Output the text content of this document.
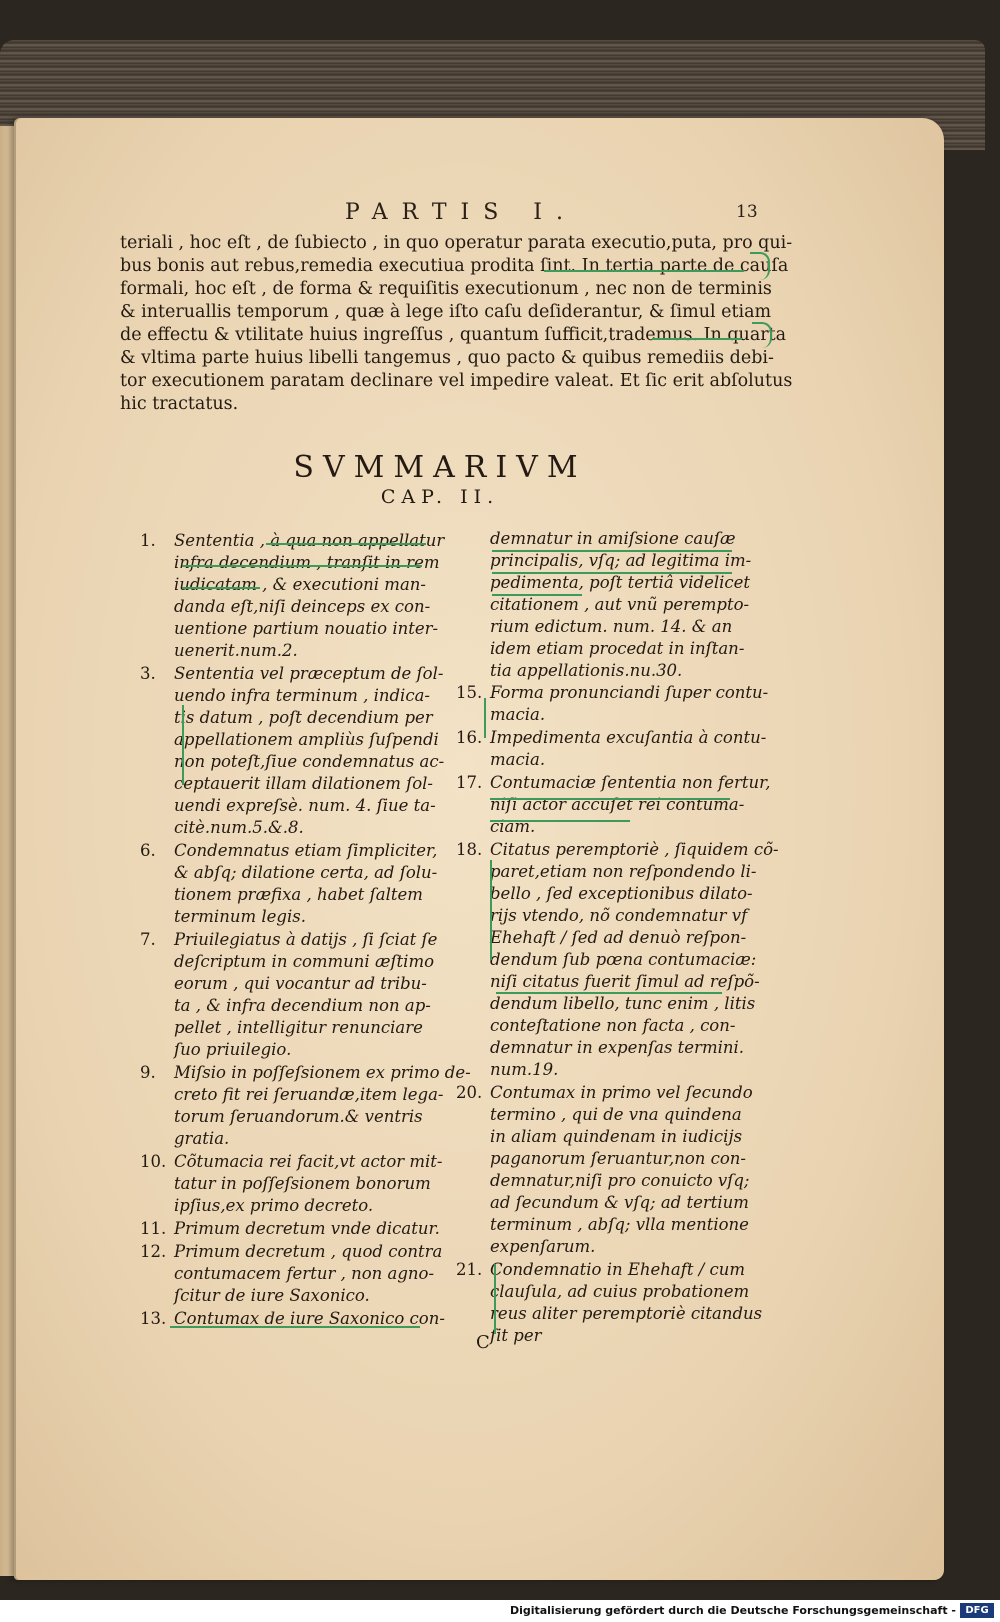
PARTIS I.	13
teriali , hoc eſt , de ſubiecto , in quo operatur parata executio,puta, pro qui-
bus bonis aut rebus,remedia executiua prodita ſint. In tertia parte de cauſa
formali, hoc eſt , de forma & requiſitis executionum , nec non de terminis
& interuallis temporum , quæ à lege iſto caſu deſiderantur, & ſimul etiam
de effectu & vtilitate huius ingreſſus , quantum ſufficit,trademus. In quarta
& vltima parte huius libelli tangemus , quo pacto & quibus remediis debi-
tor executionem paratam declinare vel impedire valeat. Et ſic erit abſolutus
hic tractatus.
SVMMARIVM
CAP. II.
1. Sententia , à qua non appellatur
infra decendium , tranſit in rem
iudicatam , & executioni man-
danda eſt,niſi deinceps ex con-
uentione partium nouatio inter-
uenerit.num.2.
3. Sententia vel præceptum de ſol-
uendo infra terminum , indica-
tis datum , poſt decendium per
appellationem ampliùs ſuſpendi
non poteſt,ſiue condemnatus ac-
ceptauerit illam dilationem ſol-
uendi expreſsè. num. 4. ſiue ta-
citè.num.5.&.8.
6. Condemnatus etiam ſimpliciter,
& abſq; dilatione certa, ad ſolu-
tionem præfixa , habet ſaltem
terminum legis.
7. Priuilegiatus à datijs , ſi ſciat ſe
deſcriptum in communi æſtimo
eorum , qui vocantur ad tribu-
ta , & infra decendium non ap-
pellet , intelligitur renunciare
ſuo priuilegio.
9. Miſsio in poſſeſsionem ex primo de-
creto fit rei ſeruandæ,item lega-
torum ſeruandorum.& ventris
gratia.
10. Cõtumacia rei facit,vt actor mit-
tatur in poſſeſsionem bonorum
ipſius,ex primo decreto.
11. Primum decretum vnde dicatur.
12. Primum decretum , quod contra
contumacem fertur , non agno-
ſcitur de iure Saxonico.
13. Contumax de iure Saxonico con-
demnatur in amiſsione cauſæ
principalis, vſq; ad legitima im-
pedimenta, poſt tertiâ videlicet
citationem , aut vnũ perempto-
rium edictum. num. 14. & an
idem etiam procedat in inſtan-
tia appellationis.nu.30.
15. Forma pronunciandi ſuper contu-
macia.
16. Impedimenta excuſantia à contu-
macia.
17. Contumaciæ ſententia non fertur,
niſi actor accuſet rei contuma-
ciam.
18. Citatus peremptoriè , ſiquidem cõ-
paret,etiam non reſpondendo li-
bello , ſed exceptionibus dilato-
rijs vtendo, nõ condemnatur vf
Ehehaft / ſed ad denuò reſpon-
dendum ſub pœna contumaciæ:
niſi citatus fuerit ſimul ad reſpõ-
dendum libello, tunc enim , litis
conteſtatione non facta , con-
demnatur in expenſas termini.
num.19.
20. Contumax in primo vel ſecundo
termino , qui de vna quindena
in aliam quindenam in iudicijs
paganorum ſeruantur,non con-
demnatur,niſi pro conuicto vſq;
ad ſecundum & vſq; ad tertium
terminum , abſq; vlla mentione
expenſarum.
21. Condemnatio in Ehehaft / cum
clauſula, ad cuius probationem
reus aliter peremptoriè citandus
ſit per
C
Digitalisierung gefördert durch die Deutsche Forschungsgemeinschaft - DFG
